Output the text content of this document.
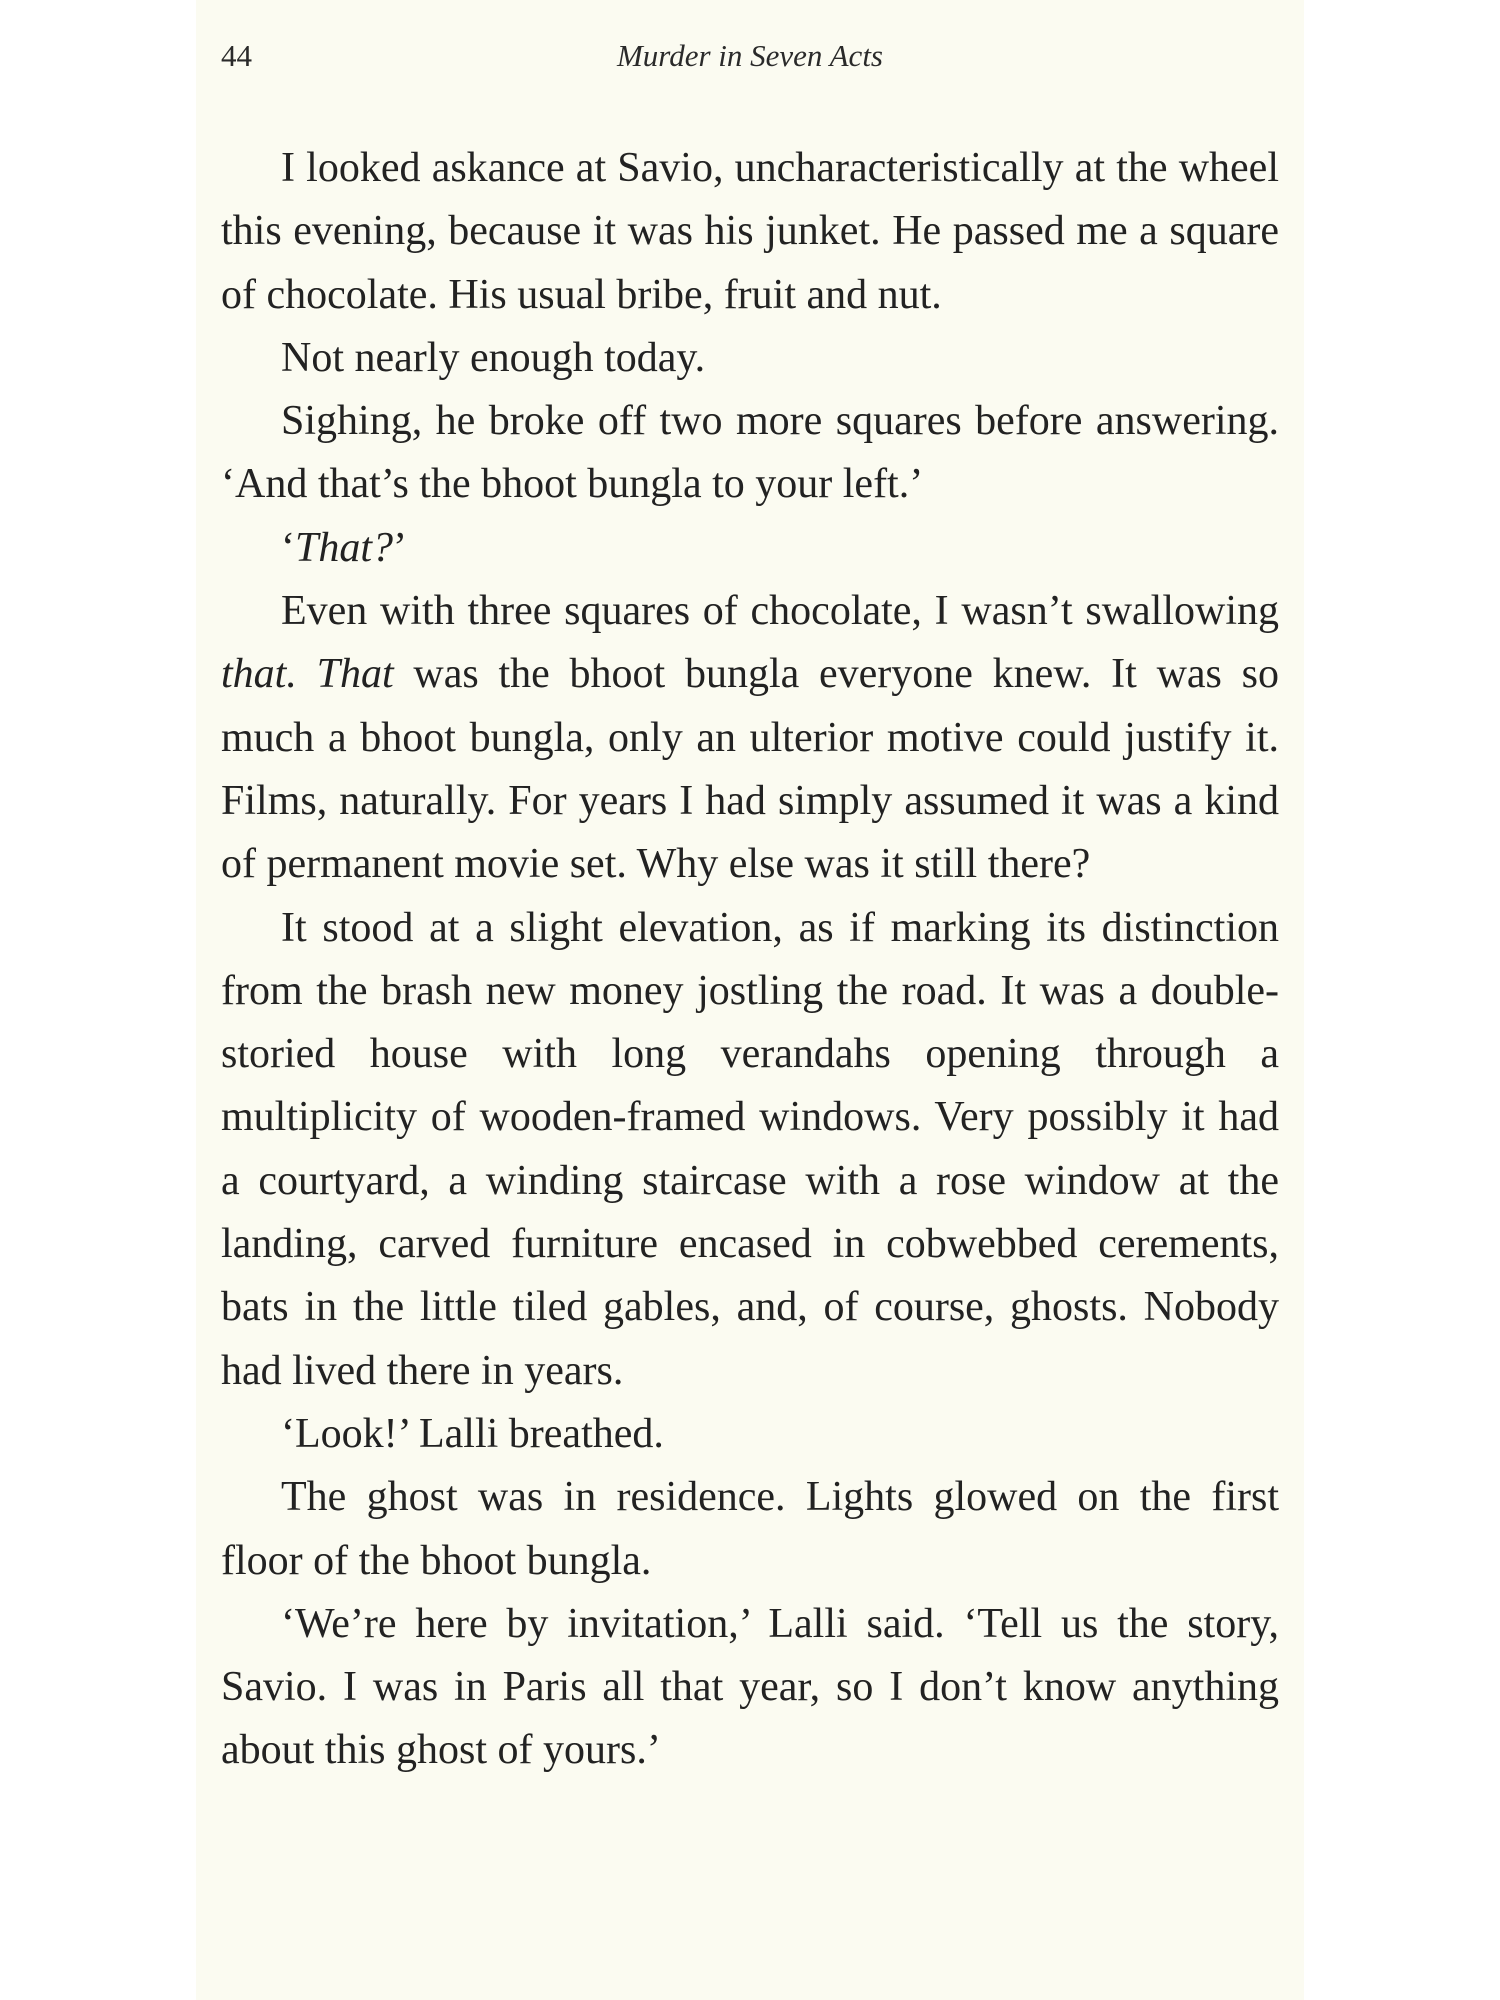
44	Murder in Seven Acts

I looked askance at Savio, uncharacteristically at the wheel this evening, because it was his junket. He passed me a square of chocolate. His usual bribe, fruit and nut.

Not nearly enough today.

Sighing, he broke off two more squares before answering. ‘And that’s the bhoot bungla to your left.’

‘That?’

Even with three squares of chocolate, I wasn’t swallowing that. That was the bhoot bungla everyone knew. It was so much a bhoot bungla, only an ulterior motive could justify it. Films, naturally. For years I had simply assumed it was a kind of permanent movie set. Why else was it still there?

It stood at a slight elevation, as if marking its distinction from the brash new money jostling the road. It was a double-storied house with long verandahs opening through a multiplicity of wooden-framed windows. Very possibly it had a courtyard, a winding staircase with a rose window at the landing, carved furniture encased in cobwebbed cerements, bats in the little tiled gables, and, of course, ghosts. Nobody had lived there in years.

‘Look!’ Lalli breathed.

The ghost was in residence. Lights glowed on the first floor of the bhoot bungla.

‘We’re here by invitation,’ Lalli said. ‘Tell us the story, Savio. I was in Paris all that year, so I don’t know anything about this ghost of yours.’
